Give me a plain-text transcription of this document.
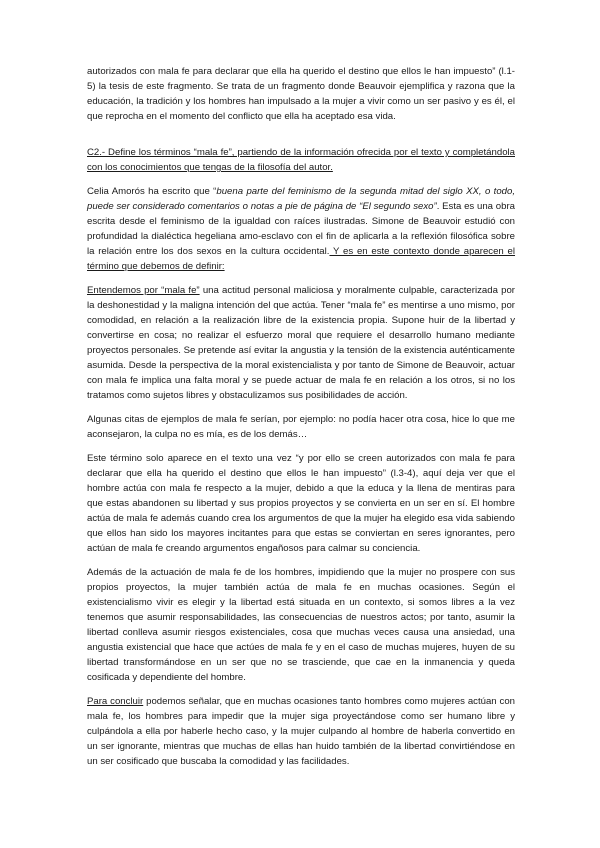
autorizados con mala fe para declarar que ella ha querido el destino que ellos le han impuesto” (l.1-5) la tesis de este fragmento. Se trata de un fragmento donde Beauvoir ejemplifica y razona que la educación, la tradición y los hombres han impulsado a la mujer a vivir como un ser pasivo y es él, el que reprocha en el momento del conflicto que ella ha aceptado esa vida.

C2.- Define los términos “mala fe”, partiendo de la información ofrecida por el texto y completándola con los conocimientos que tengas de la filosofía del autor.

Celia Amorós ha escrito que “buena parte del feminismo de la segunda mitad del siglo XX, o todo, puede ser considerado comentarios o notas a pie de página de “El segundo sexo”. Esta es una obra escrita desde el feminismo de la igualdad con raíces ilustradas. Simone de Beauvoir estudió con profundidad la dialéctica hegeliana amo-esclavo con el fin de aplicarla a la reflexión filosófica sobre la relación entre los dos sexos en la cultura occidental. Y es en este contexto donde aparecen el término que debemos de definir:

Entendemos por “mala fe” una actitud personal maliciosa y moralmente culpable, caracterizada por la deshonestidad y la maligna intención del que actúa. Tener “mala fe” es mentirse a uno mismo, por comodidad, en relación a la realización libre de la existencia propia. Supone huir de la libertad y convertirse en cosa; no realizar el esfuerzo moral que requiere el desarrollo humano mediante proyectos personales. Se pretende así evitar la angustia y la tensión de la existencia auténticamente asumida. Desde la perspectiva de la moral existencialista y por tanto de Simone de Beauvoir, actuar con mala fe implica una falta moral y se puede actuar de mala fe en relación a los otros, si no los tratamos como sujetos libres y obstaculizamos sus posibilidades de acción.

Algunas citas de ejemplos de mala fe serían, por ejemplo: no podía hacer otra cosa, hice lo que me aconsejaron, la culpa no es mía, es de los demás…

Este término solo aparece en el texto una vez “y por ello se creen autorizados con mala fe para declarar que ella ha querido el destino que ellos le han impuesto” (l.3-4), aquí deja ver que el hombre actúa con mala fe respecto a la mujer, debido a que la educa y la llena de mentiras para que estas abandonen su libertad y sus propios proyectos y se convierta en un ser en sí. El hombre actúa de mala fe además cuando crea los argumentos de que la mujer ha elegido esa vida sabiendo que ellos han sido los mayores incitantes para que estas se conviertan en seres ignorantes, pero actúan de mala fe creando argumentos engañosos para calmar su conciencia.

Además de la actuación de mala fe de los hombres, impidiendo que la mujer no prospere con sus propios proyectos, la mujer también actúa de mala fe en muchas ocasiones. Según el existencialismo vivir es elegir y la libertad está situada en un contexto, si somos libres a la vez tenemos que asumir responsabilidades, las consecuencias de nuestros actos; por tanto, asumir la libertad conlleva asumir riesgos existenciales, cosa que muchas veces causa una ansiedad, una angustia existencial que hace que actúes de mala fe y en el caso de muchas mujeres, huyen de su libertad transformándose en un ser que no se trasciende, que cae en la inmanencia y queda cosificada y dependiente del hombre.

Para concluir podemos señalar, que en muchas ocasiones tanto hombres como mujeres actúan con mala fe, los hombres para impedir que la mujer siga proyectándose como ser humano libre y culpándola a ella por haberle hecho caso, y la mujer culpando al hombre de haberla convertido en un ser ignorante, mientras que muchas de ellas han huido también de la libertad convirtiéndose en un ser cosificado que buscaba la comodidad y las facilidades.
